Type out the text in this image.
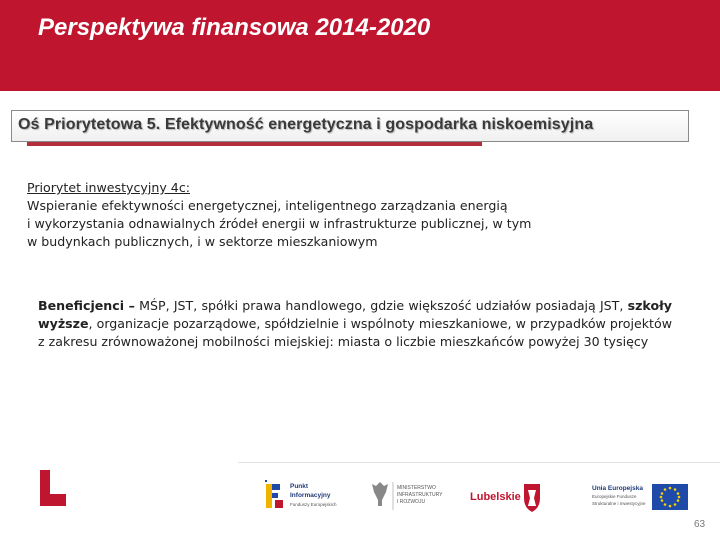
Perspektywa finansowa 2014-2020
Oś Priorytetowa 5. Efektywność energetyczna i gospodarka niskoemisyjna
Priorytet inwestycyjny 4c:
Wspieranie efektywności energetycznej, inteligentnego zarządzania energią
i wykorzystania odnawialnych źródeł energii w infrastrukturze publicznej, w tym
w budynkach publicznych, i w sektorze mieszkaniowym
Beneficjenci – MŚP, JST, spółki prawa handlowego, gdzie większość udziałów posiadają JST, szkoły wyższe, organizacje pozarządowe, spółdzielnie i wspólnoty mieszkaniowe, w przypadków projektów z zakresu zrównoważonej mobilności miejskiej: miasta o liczbie mieszkańców powyżej 30 tysięcy
Punkt
Informacyjny
Funduszy Europejskich
MINISTERSTWO
INFRASTRUKTURY
I ROZWOJU	Lubelskie
Unia Europejska
Europejskie Fundusze
Strukturalne i Inwestycyjne
63
